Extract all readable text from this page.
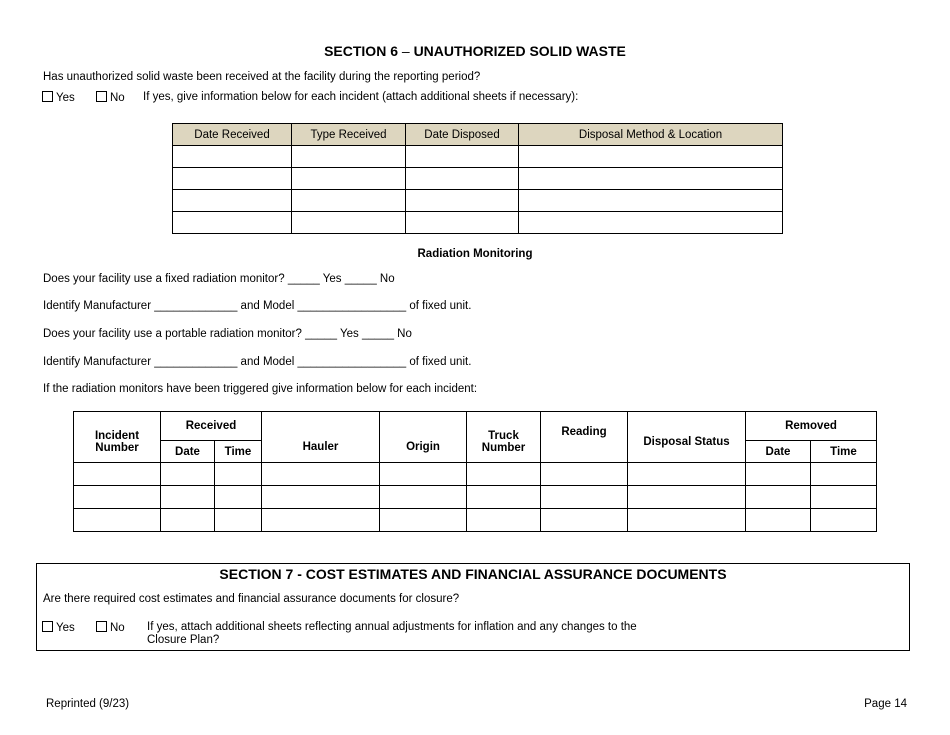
SECTION 6 – UNAUTHORIZED SOLID WASTE
Has unauthorized solid waste been received at the facility during the reporting period?
Yes	No If yes, give information below for each incident (attach additional sheets if necessary):
Date Received	Type Received	Date Disposed	Disposal Method & Location

Radiation Monitoring
Does your facility use a fixed radiation monitor? _____ Yes _____ No
Identify Manufacturer _____________ and Model _________________ of fixed unit.
Does your facility use a portable radiation monitor? _____ Yes _____ No
Identify Manufacturer _____________ and Model _________________ of fixed unit.
If the radiation monitors have been triggered give information below for each incident:
Incident Number	Received		Hauler	Origin	Truck Number	Reading	Disposal Status	Removed	
	Date	Time						Date	Time

SECTION 7 - COST ESTIMATES AND FINANCIAL ASSURANCE DOCUMENTS
Are there required cost estimates and financial assurance documents for closure?
Yes	No If yes, attach additional sheets reflecting annual adjustments for inflation and any changes to the
Closure Plan?
Reprinted (9/23)	Page 14
